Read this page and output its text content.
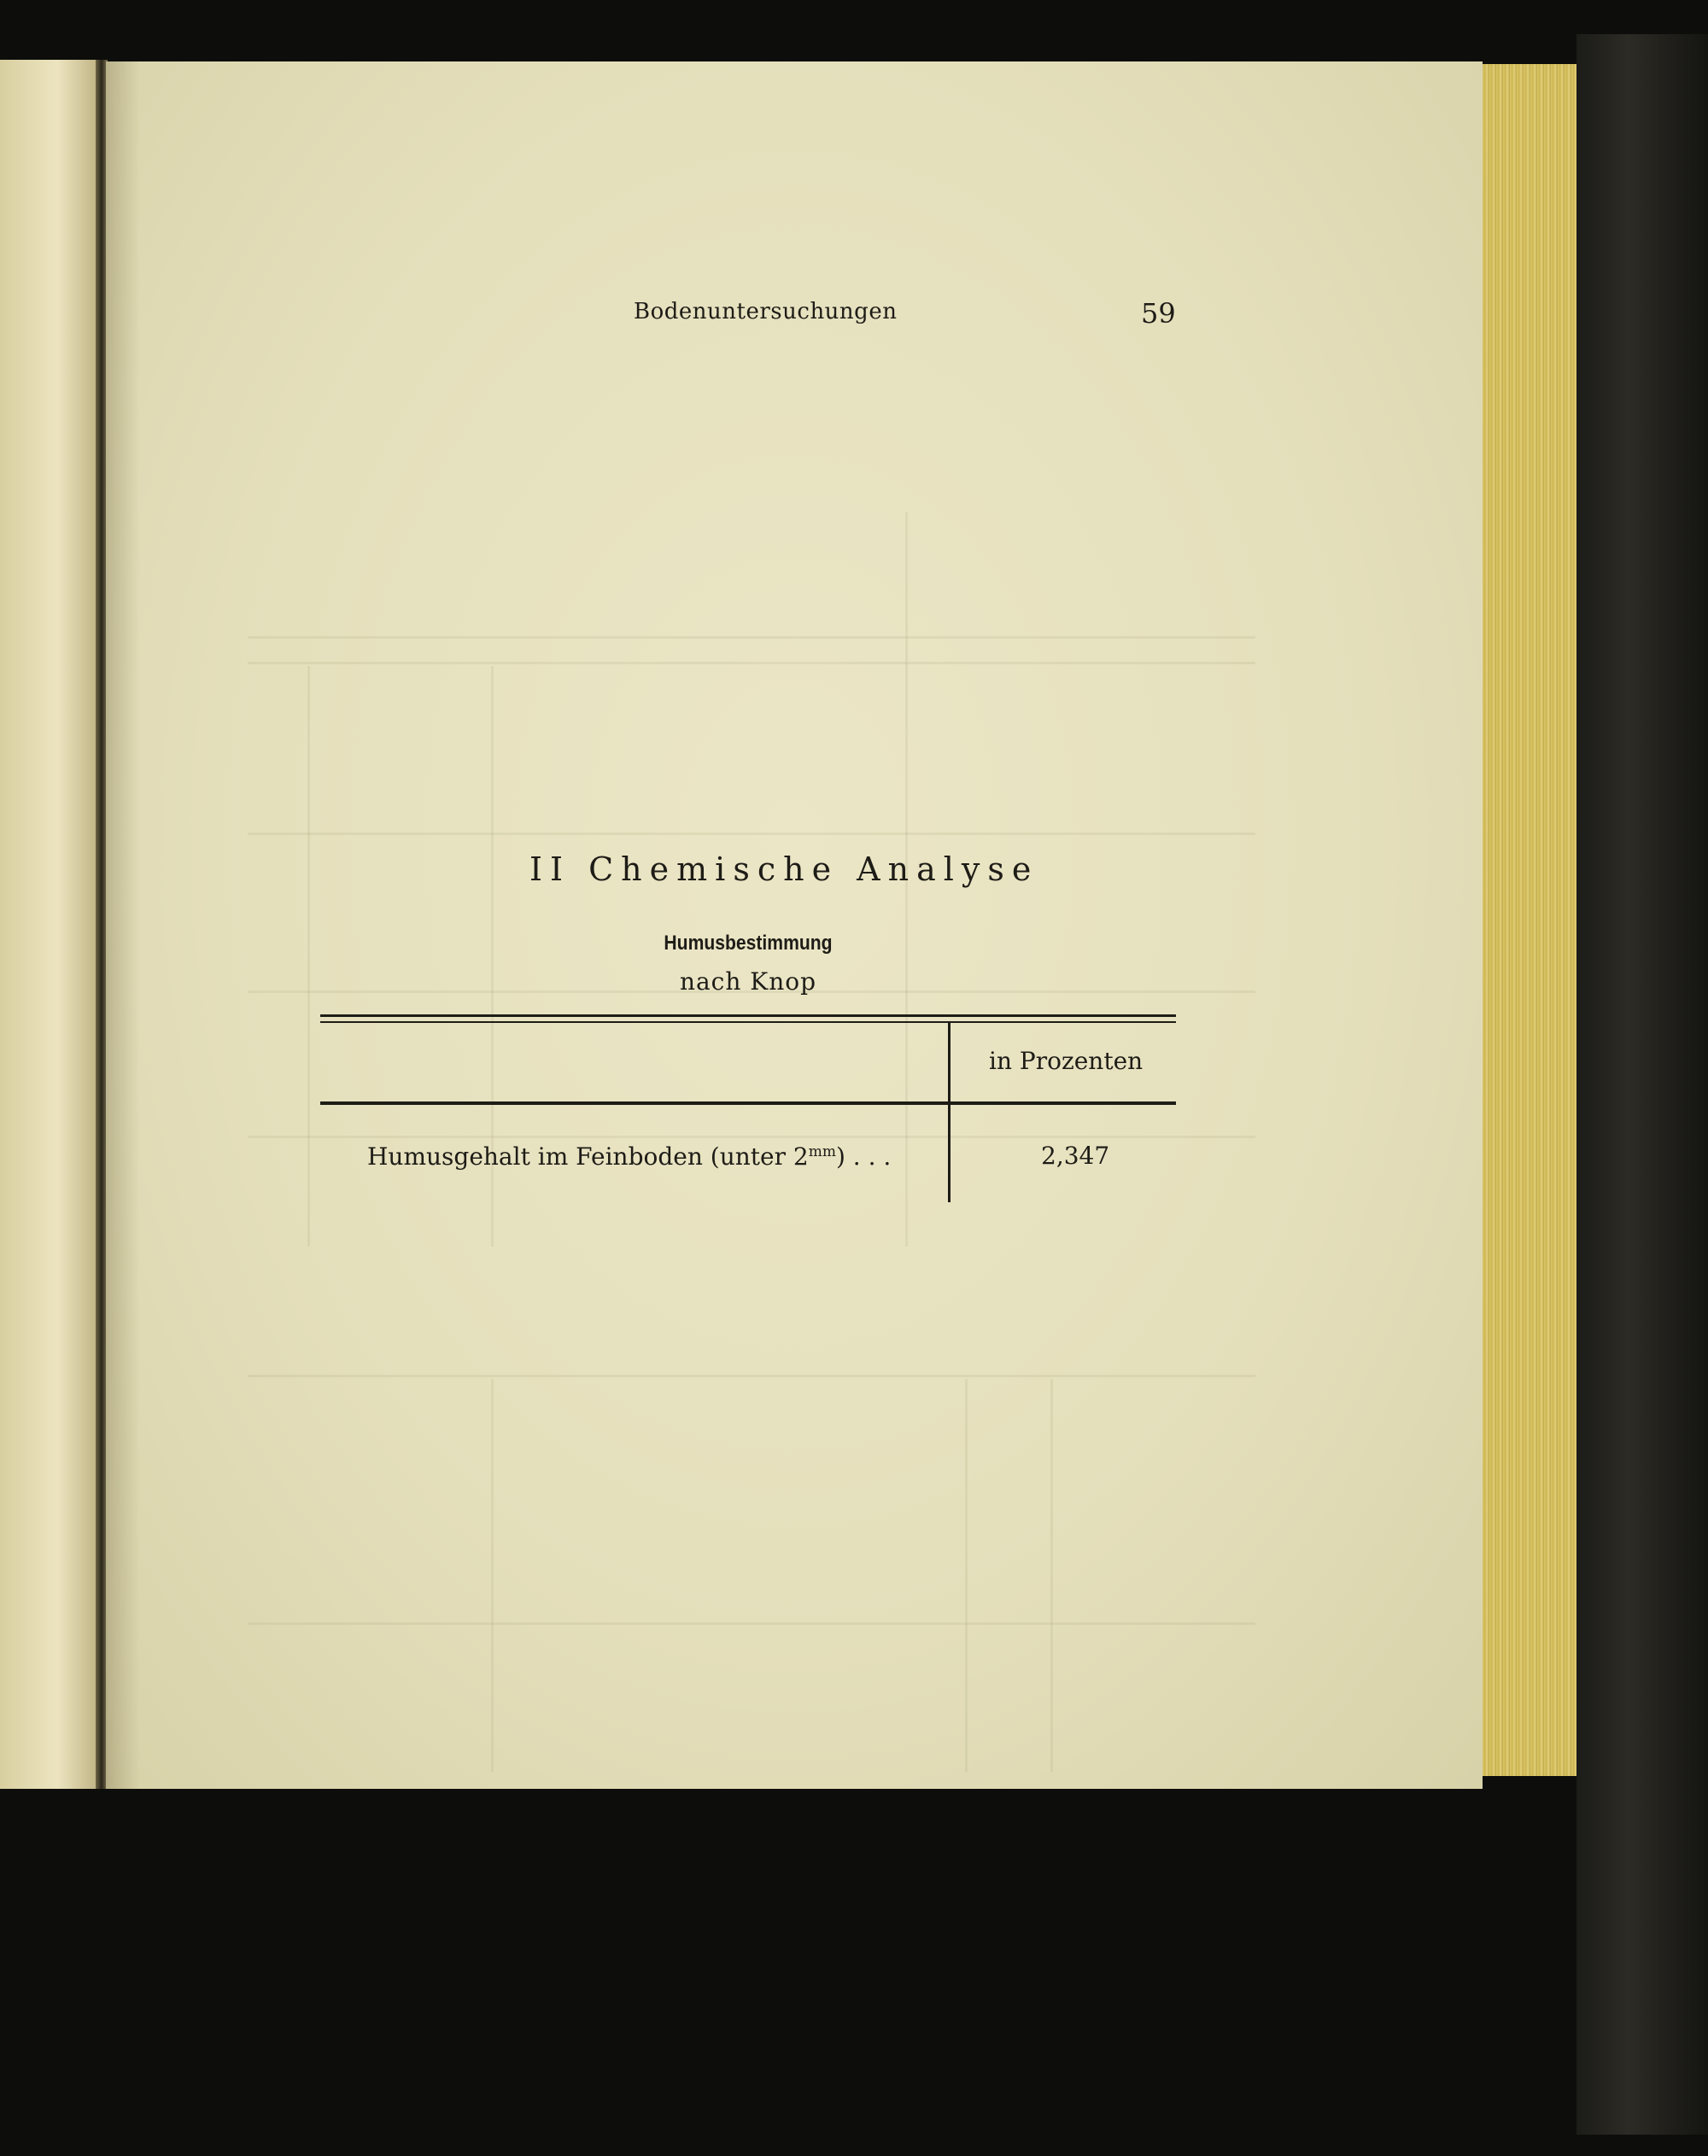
Bodenuntersuchungen	59
II Chemische Analyse
Humusbestimmung
nach Knop
in Prozenten
Humusgehalt im Feinboden (unter $2^{mm}$) . . .	2,347
